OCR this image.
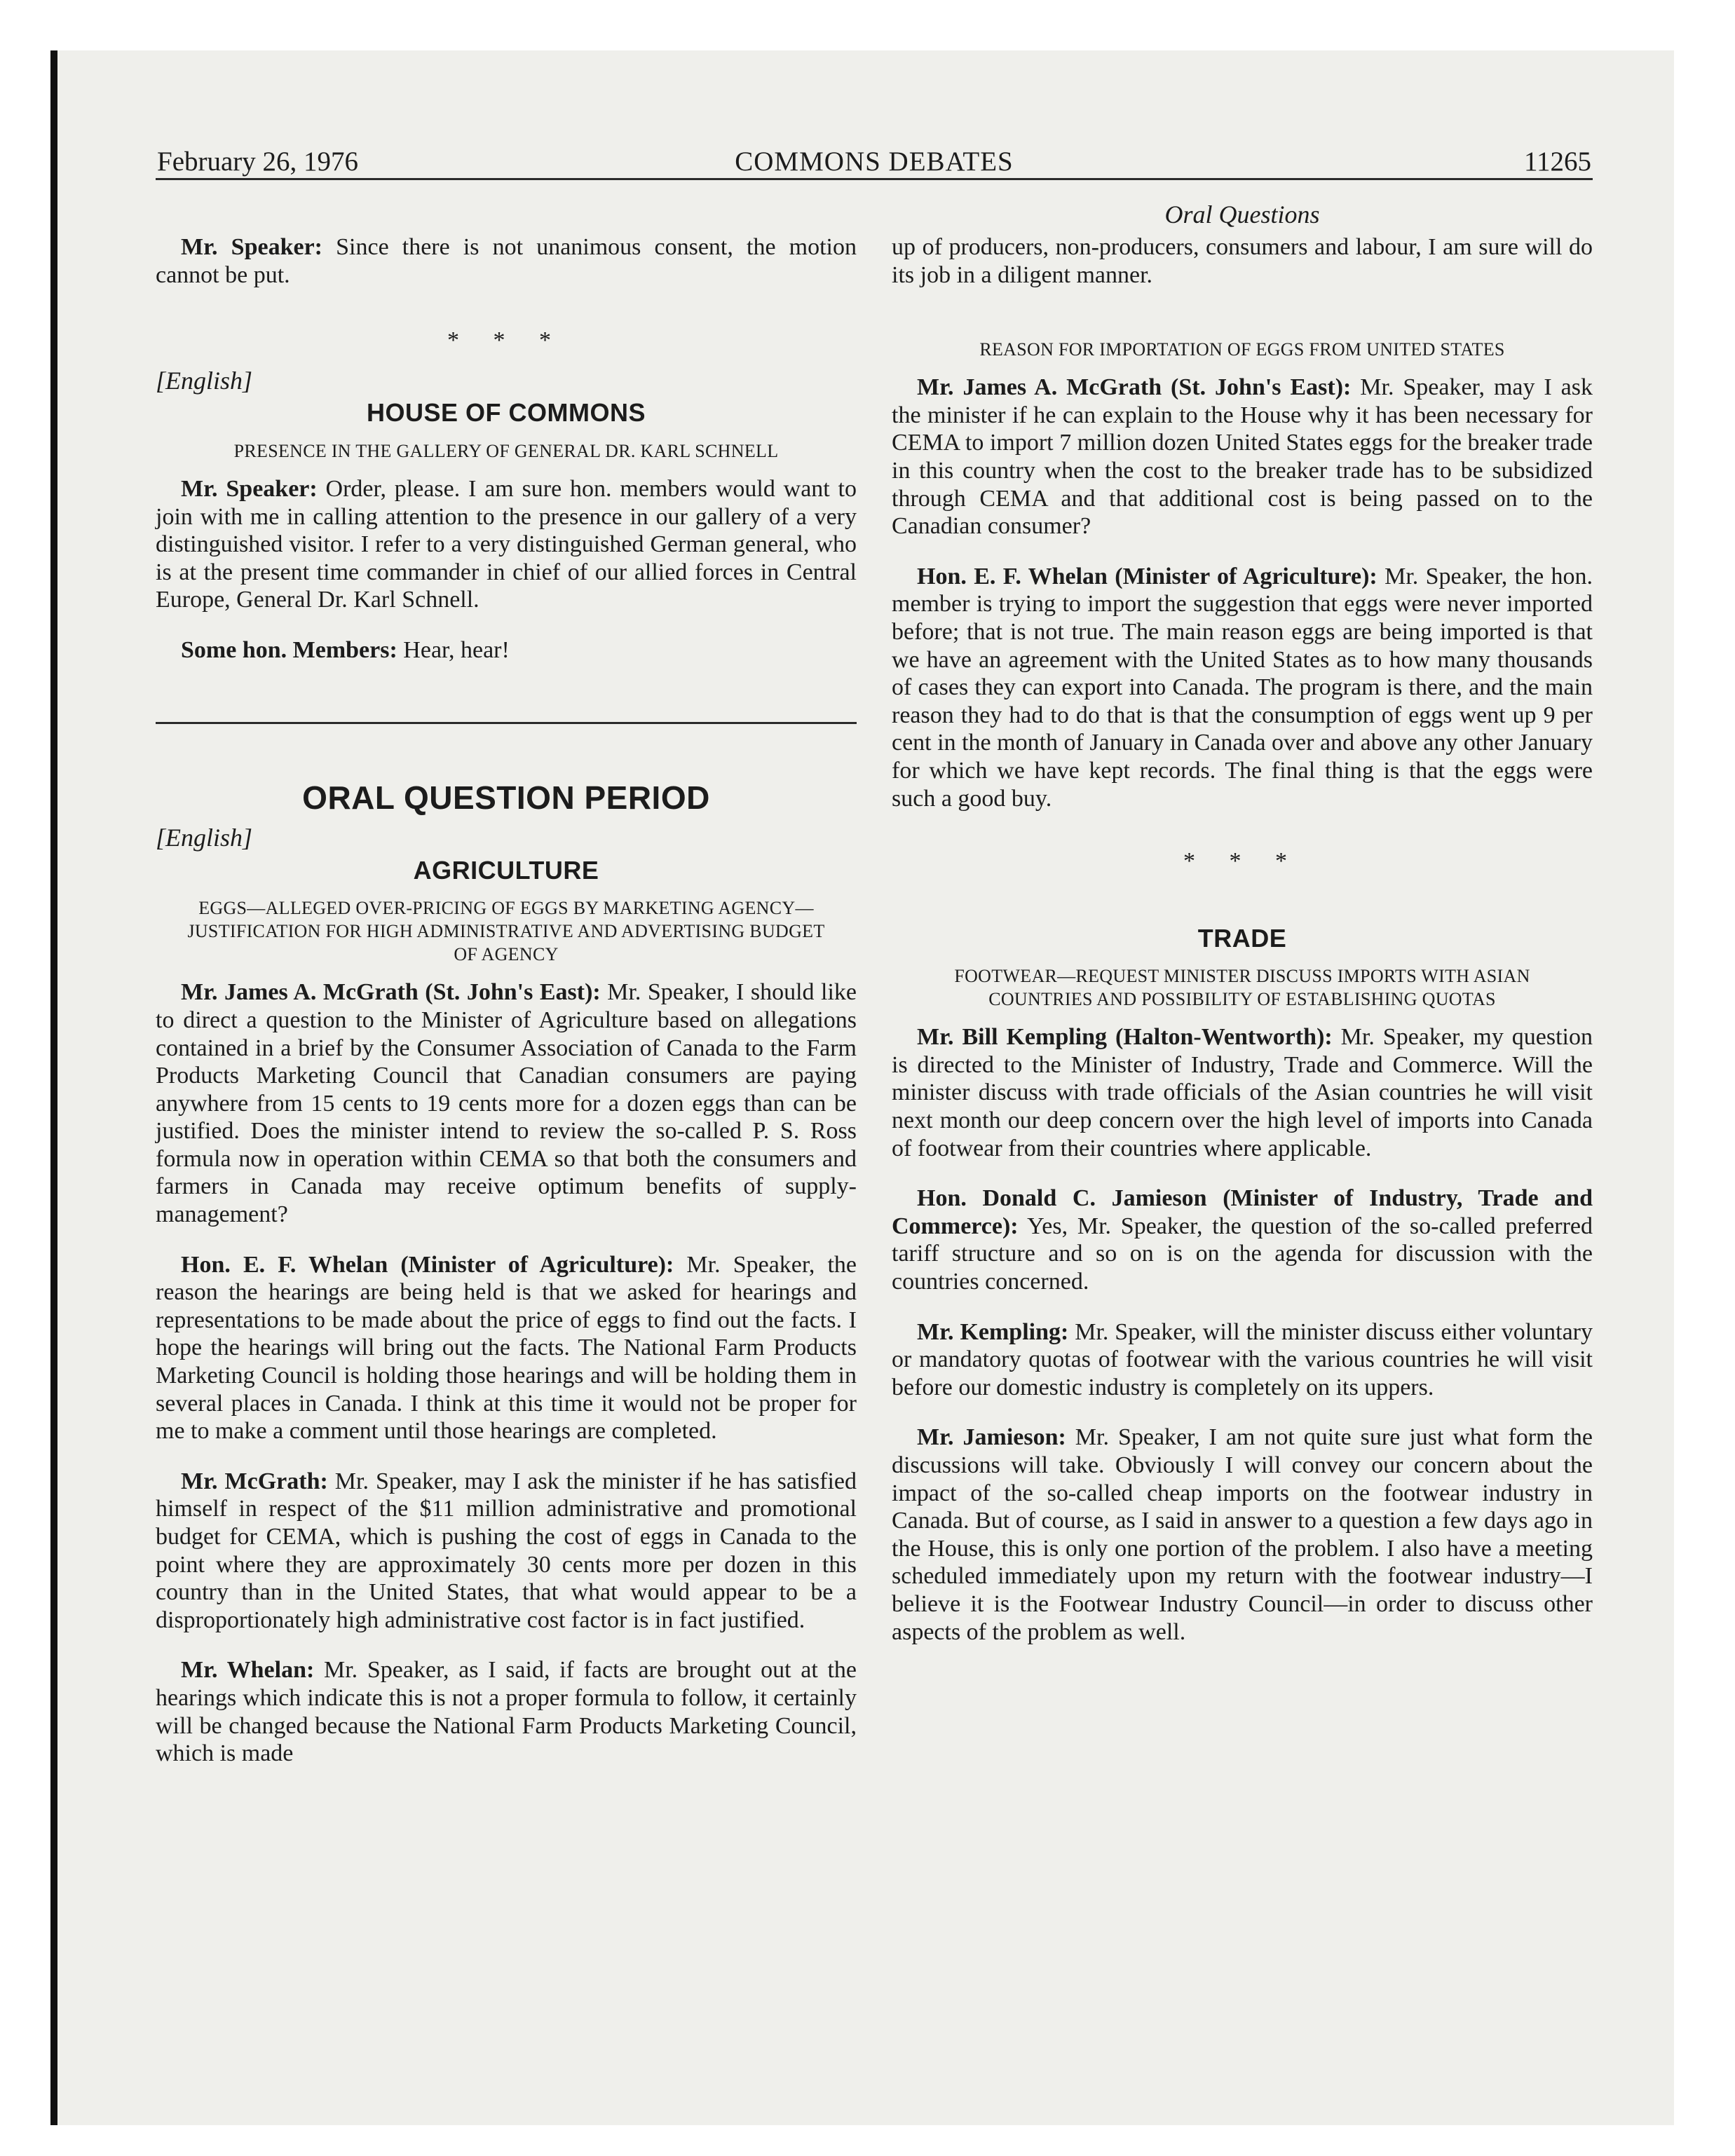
February 26, 1976	COMMONS DEBATES	11265
Oral Questions

Mr. Speaker: Since there is not unanimous consent, the motion cannot be put.

* * *
[English]
HOUSE OF COMMONS
PRESENCE IN THE GALLERY OF GENERAL DR. KARL SCHNELL

Mr. Speaker: Order, please. I am sure hon. members would want to join with me in calling attention to the presence in our gallery of a very distinguished visitor. I refer to a very distinguished German general, who is at the present time commander in chief of our allied forces in Central Europe, General Dr. Karl Schnell.

Some hon. Members: Hear, hear!

ORAL QUESTION PERIOD
[English]
AGRICULTURE
EGGS—ALLEGED OVER-PRICING OF EGGS BY MARKETING AGENCY—JUSTIFICATION FOR HIGH ADMINISTRATIVE AND ADVERTISING BUDGET OF AGENCY

Mr. James A. McGrath (St. John's East): Mr. Speaker, I should like to direct a question to the Minister of Agriculture based on allegations contained in a brief by the Consumer Association of Canada to the Farm Products Marketing Council that Canadian consumers are paying anywhere from 15 cents to 19 cents more for a dozen eggs than can be justified. Does the minister intend to review the so-called P. S. Ross formula now in operation within CEMA so that both the consumers and farmers in Canada may receive optimum benefits of supply-management?

Hon. E. F. Whelan (Minister of Agriculture): Mr. Speaker, the reason the hearings are being held is that we asked for hearings and representations to be made about the price of eggs to find out the facts. I hope the hearings will bring out the facts. The National Farm Products Marketing Council is holding those hearings and will be holding them in several places in Canada. I think at this time it would not be proper for me to make a comment until those hearings are completed.

Mr. McGrath: Mr. Speaker, may I ask the minister if he has satisfied himself in respect of the $11 million administrative and promotional budget for CEMA, which is pushing the cost of eggs in Canada to the point where they are approximately 30 cents more per dozen in this country than in the United States, that what would appear to be a disproportionately high administrative cost factor is in fact justified.

Mr. Whelan: Mr. Speaker, as I said, if facts are brought out at the hearings which indicate this is not a proper formula to follow, it certainly will be changed because the National Farm Products Marketing Council, which is made

up of producers, non-producers, consumers and labour, I am sure will do its job in a diligent manner.

REASON FOR IMPORTATION OF EGGS FROM UNITED STATES

Mr. James A. McGrath (St. John's East): Mr. Speaker, may I ask the minister if he can explain to the House why it has been necessary for CEMA to import 7 million dozen United States eggs for the breaker trade in this country when the cost to the breaker trade has to be subsidized through CEMA and that additional cost is being passed on to the Canadian consumer?

Hon. E. F. Whelan (Minister of Agriculture): Mr. Speaker, the hon. member is trying to import the suggestion that eggs were never imported before; that is not true. The main reason eggs are being imported is that we have an agreement with the United States as to how many thousands of cases they can export into Canada. The program is there, and the main reason they had to do that is that the consumption of eggs went up 9 per cent in the month of January in Canada over and above any other January for which we have kept records. The final thing is that the eggs were such a good buy.

* * *
TRADE
FOOTWEAR—REQUEST MINISTER DISCUSS IMPORTS WITH ASIAN COUNTRIES AND POSSIBILITY OF ESTABLISHING QUOTAS

Mr. Bill Kempling (Halton-Wentworth): Mr. Speaker, my question is directed to the Minister of Industry, Trade and Commerce. Will the minister discuss with trade officials of the Asian countries he will visit next month our deep concern over the high level of imports into Canada of footwear from their countries where applicable.

Hon. Donald C. Jamieson (Minister of Industry, Trade and Commerce): Yes, Mr. Speaker, the question of the so-called preferred tariff structure and so on is on the agenda for discussion with the countries concerned.

Mr. Kempling: Mr. Speaker, will the minister discuss either voluntary or mandatory quotas of footwear with the various countries he will visit before our domestic industry is completely on its uppers.

Mr. Jamieson: Mr. Speaker, I am not quite sure just what form the discussions will take. Obviously I will convey our concern about the impact of the so-called cheap imports on the footwear industry in Canada. But of course, as I said in answer to a question a few days ago in the House, this is only one portion of the problem. I also have a meeting scheduled immediately upon my return with the footwear industry—I believe it is the Footwear Industry Council—in order to discuss other aspects of the problem as well.
